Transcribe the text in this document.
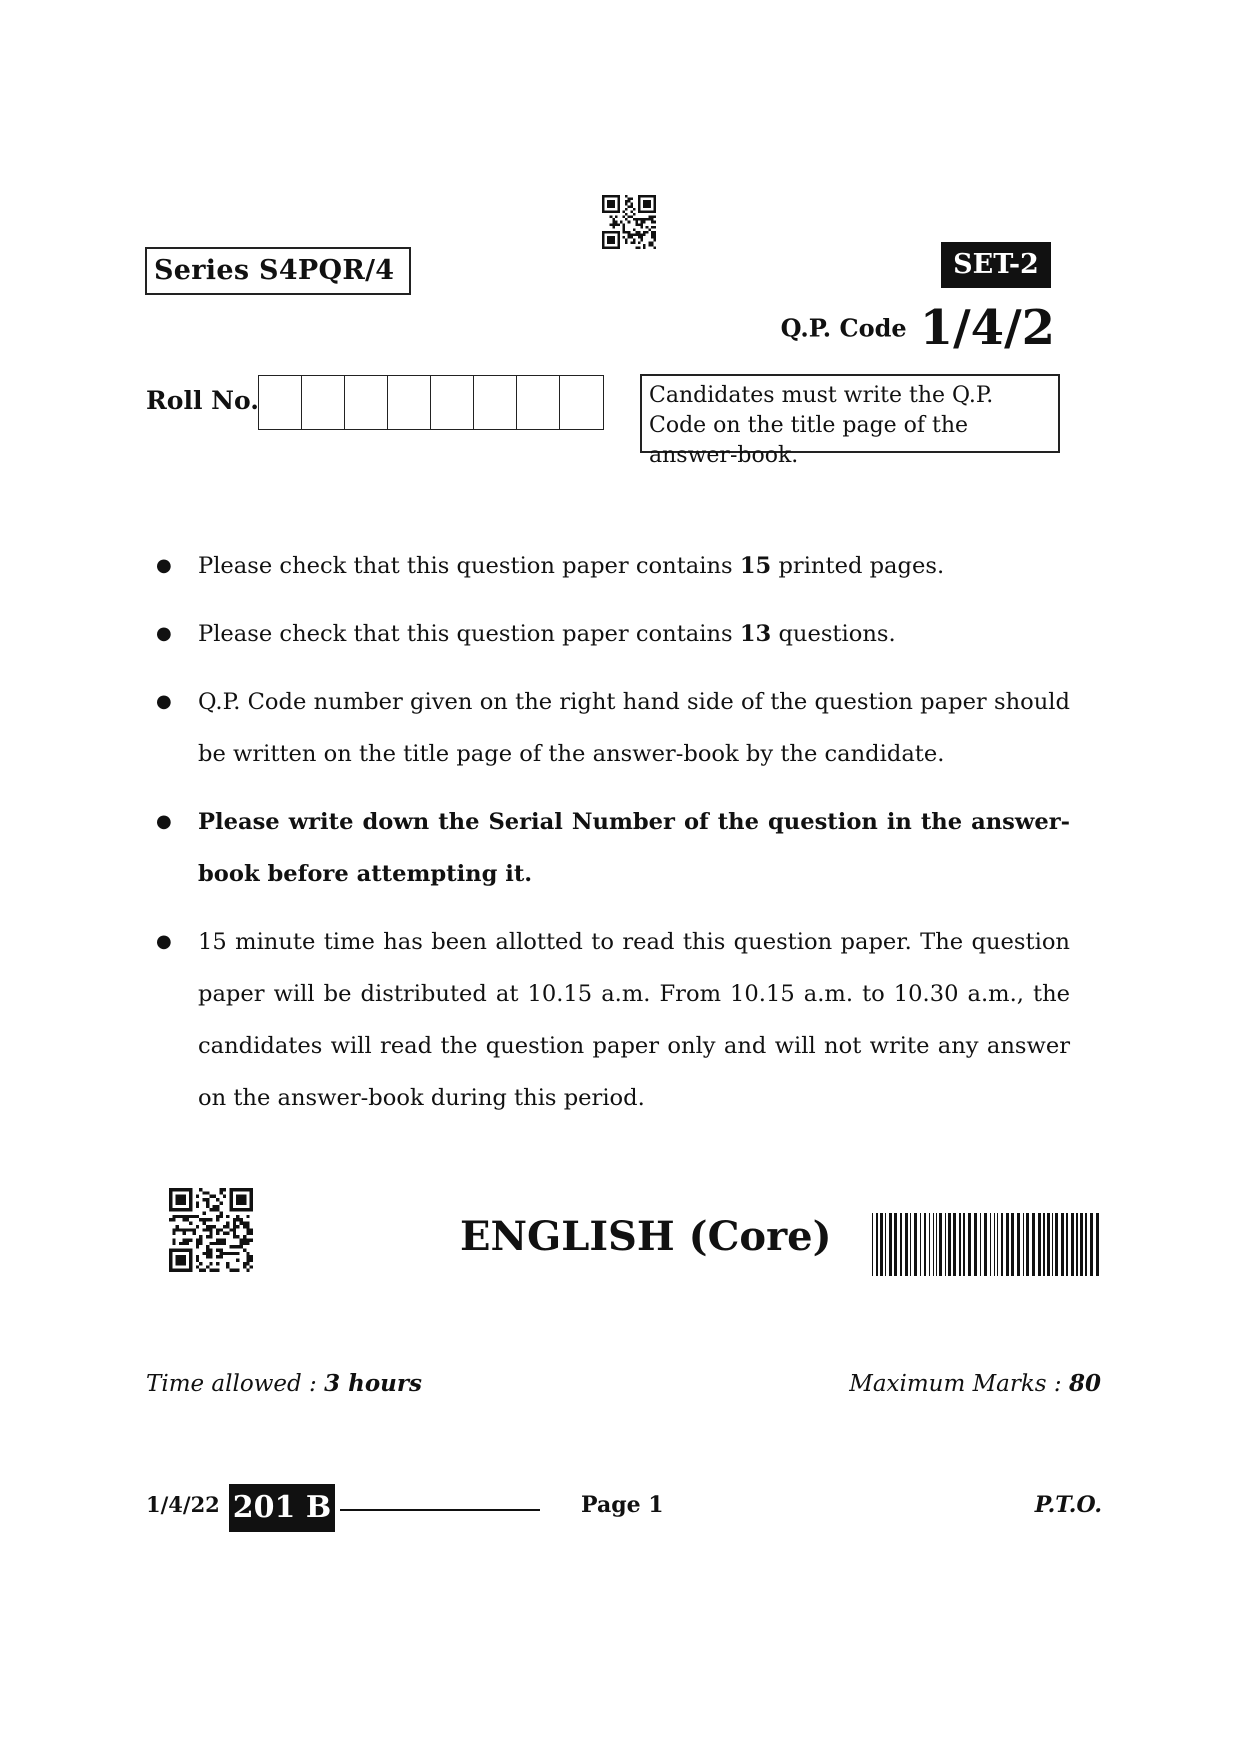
Series S4PQR/4	SET-2
Q.P. Code 1/4/2
Roll No.	Candidates must write the Q.P. Code on the title page of the answer-book.
● Please check that this question paper contains 15 printed pages.
● Please check that this question paper contains 13 questions.
● Q.P. Code number given on the right hand side of the question paper should be written on the title page of the answer-book by the candidate.
● Please write down the Serial Number of the question in the answer-book before attempting it.
● 15 minute time has been allotted to read this question paper. The question paper will be distributed at 10.15 a.m. From 10.15 a.m. to 10.30 a.m., the candidates will read the question paper only and will not write any answer on the answer-book during this period.
ENGLISH (Core)
Time allowed : 3 hours	Maximum Marks : 80
1/4/22 201 B	Page 1	P.T.O.
